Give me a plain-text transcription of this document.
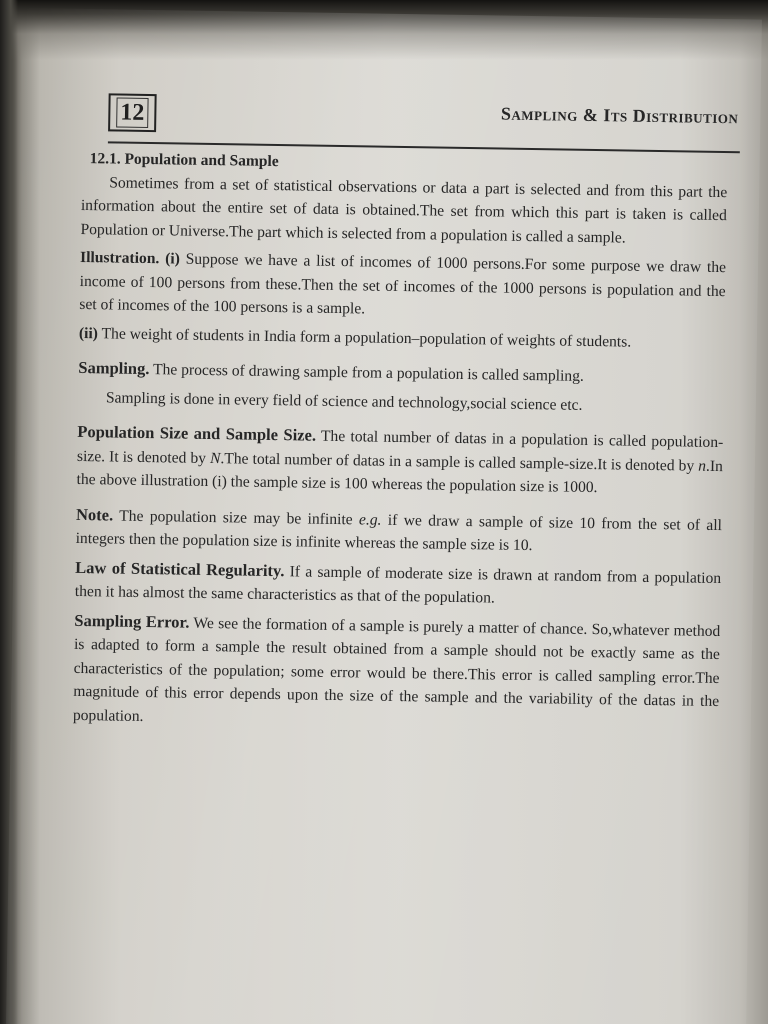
12	Sampling & Its Distribution

12.1. Population and Sample

Sometimes from a set of statistical observations or data a part is selected and from this part the information about the entire set of data is obtained.The set from which this part is taken is called Population or Universe.The part which is selected from a population is called a sample.

Illustration. (i) Suppose we have a list of incomes of 1000 persons.For some purpose we draw the income of 100 persons from these.Then the set of incomes of the 1000 persons is population and the set of incomes of the 100 persons is a sample.

(ii) The weight of students in India form a population–population of weights of students.

Sampling. The process of drawing sample from a population is called sampling.

Sampling is done in every field of science and technology,social science etc.

Population Size and Sample Size. The total number of datas in a population is called population-size. It is denoted by N.The total number of datas in a sample is called sample-size.It is denoted by n.In the above illustration (i) the sample size is 100 whereas the population size is 1000.

Note. The population size may be infinite e.g. if we draw a sample of size 10 from the set of all integers then the population size is infinite whereas the sample size is 10.

Law of Statistical Regularity. If a sample of moderate size is drawn at random from a population then it has almost the same characteristics as that of the population.

Sampling Error. We see the formation of a sample is purely a matter of chance. So,whatever method is adapted to form a sample the result obtained from a sample should not be exactly same as the characteristics of the population; some error would be there.This error is called sampling error.The magnitude of this error depends upon the size of the sample and the variability of the datas in the population.
